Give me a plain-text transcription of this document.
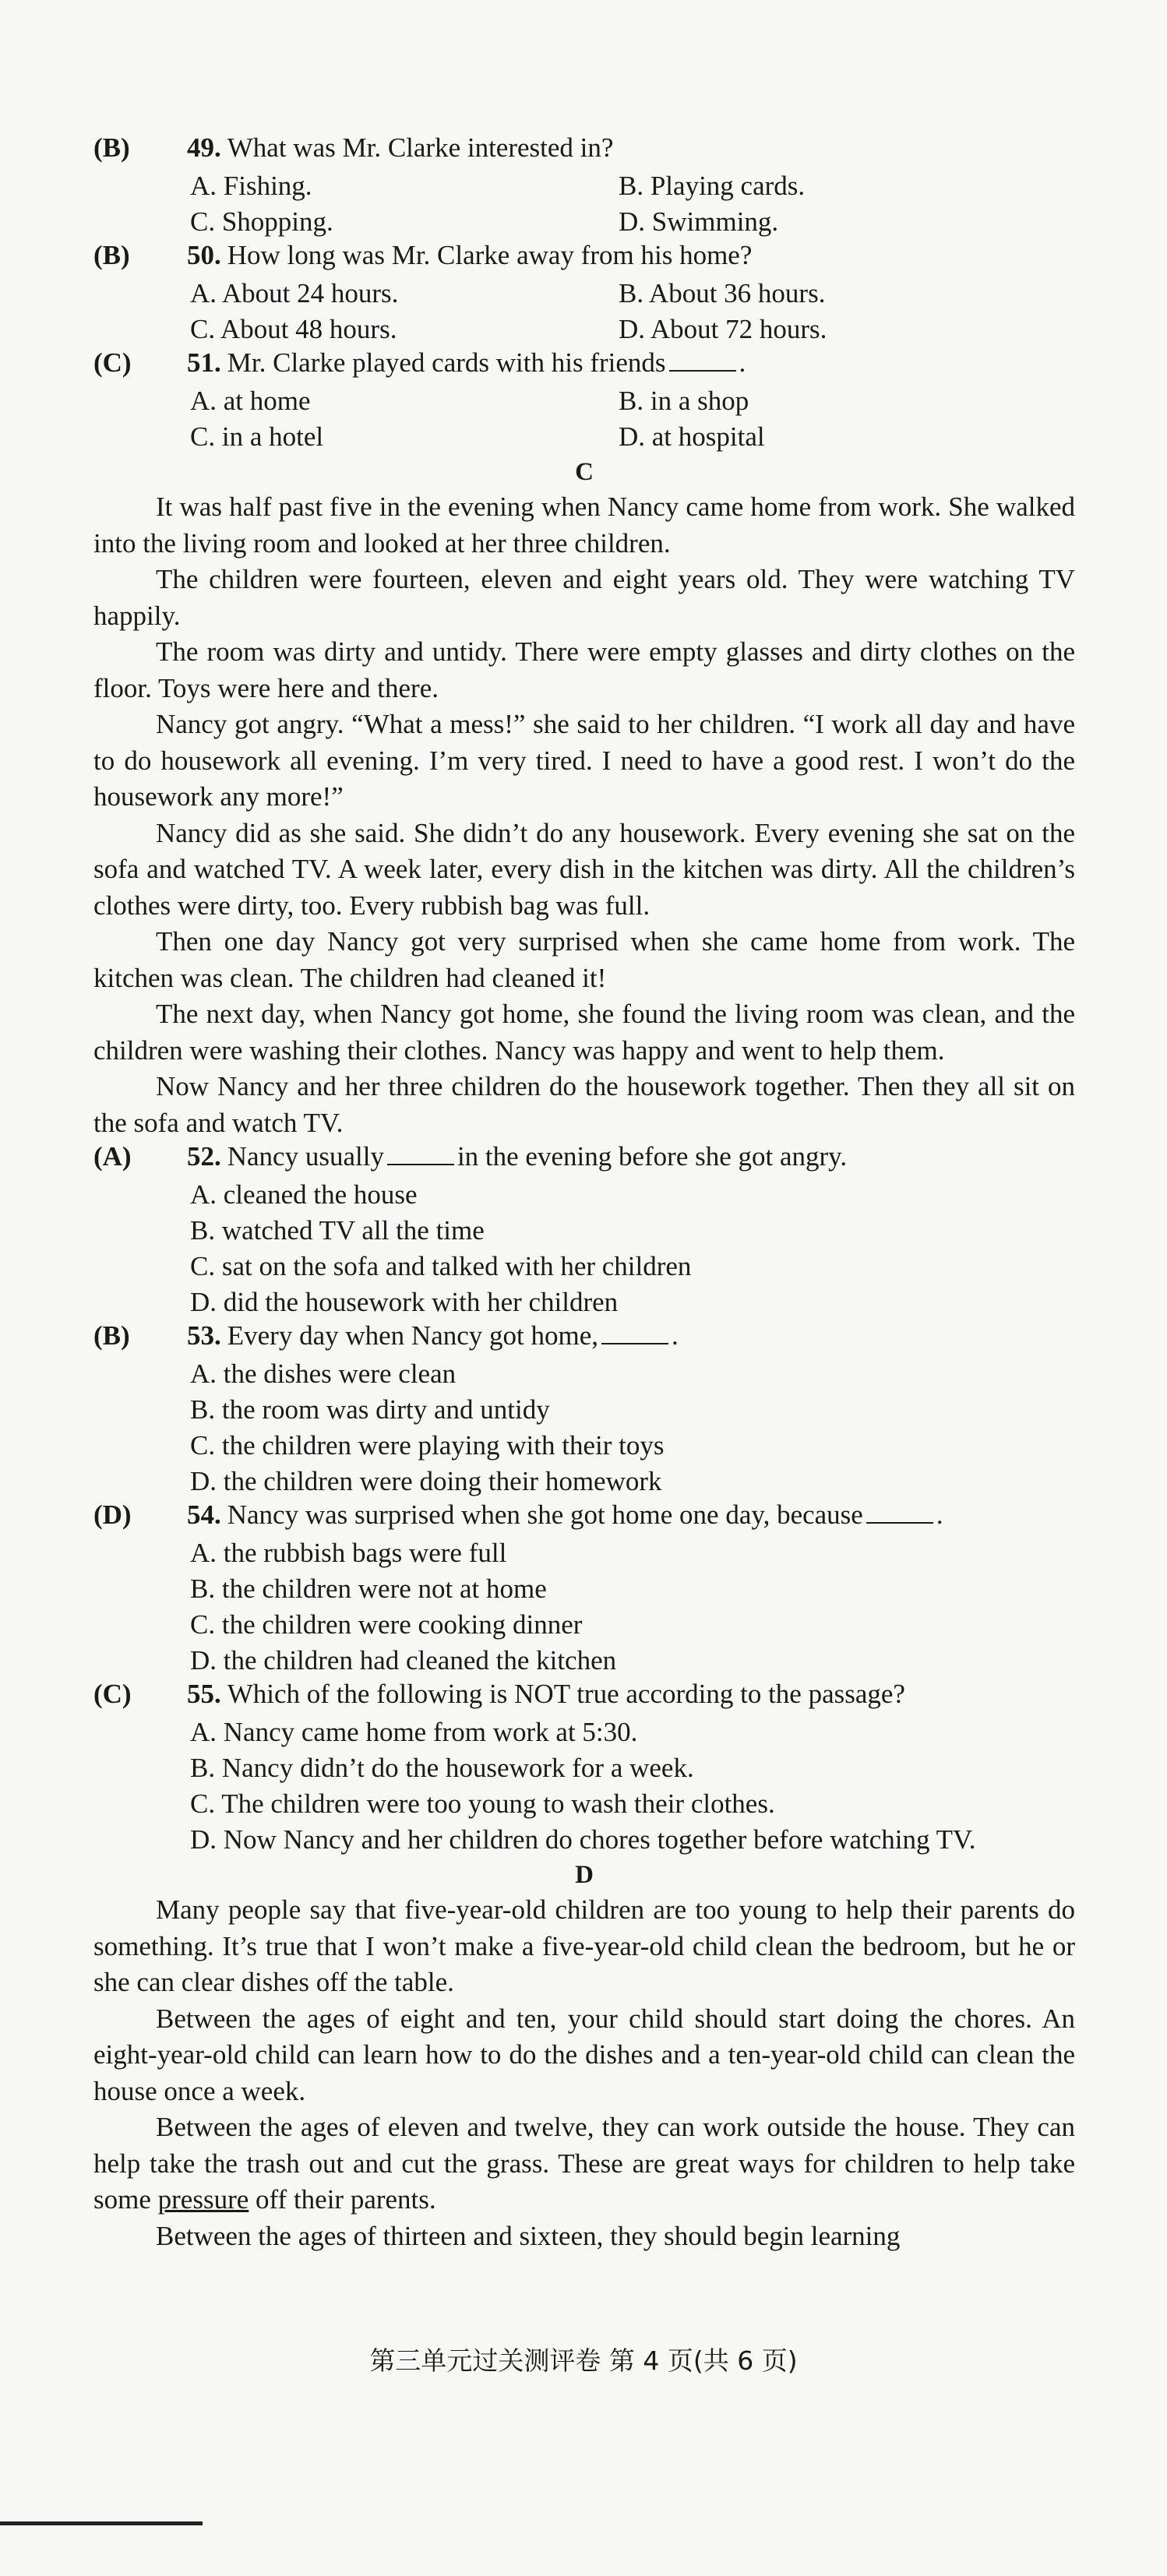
(B)	49. What was Mr. Clarke interested in?
A. Fishing.	B. Playing cards.
C. Shopping.	D. Swimming.
(B)	50. How long was Mr. Clarke away from his home?
A. About 24 hours.	B. About 36 hours.
C. About 48 hours.	D. About 72 hours.
(C)	51. Mr. Clarke played cards with his friends	.
A. at home	B. in a shop
C. in a hotel	D. at hospital
C

It was half past five in the evening when Nancy came home from work. She walked into the living room and looked at her three children.

The children were fourteen, eleven and eight years old. They were watching TV happily.

The room was dirty and untidy. There were empty glasses and dirty clothes on the floor. Toys were here and there.

Nancy got angry. “What a mess!” she said to her children. “I work all day and have to do housework all evening. I’m very tired. I need to have a good rest. I won’t do the housework any more!”

Nancy did as she said. She didn’t do any housework. Every evening she sat on the sofa and watched TV. A week later, every dish in the kitchen was dirty. All the children’s clothes were dirty, too. Every rubbish bag was full.

Then one day Nancy got very surprised when she came home from work. The kitchen was clean. The children had cleaned it!

The next day, when Nancy got home, she found the living room was clean, and the children were washing their clothes. Nancy was happy and went to help them.

Now Nancy and her three children do the housework together. Then they all sit on the sofa and watch TV.

(A)	52. Nancy usually	in the evening before she got angry.
A. cleaned the house
B. watched TV all the time
C. sat on the sofa and talked with her children
D. did the housework with her children
(B)	53. Every day when Nancy got home,	.
A. the dishes were clean
B. the room was dirty and untidy
C. the children were playing with their toys
D. the children were doing their homework
(D)	54. Nancy was surprised when she got home one day, because	.
A. the rubbish bags were full
B. the children were not at home
C. the children were cooking dinner
D. the children had cleaned the kitchen
(C)	55. Which of the following is NOT true according to the passage?
A. Nancy came home from work at 5:30.
B. Nancy didn’t do the housework for a week.
C. The children were too young to wash their clothes.
D. Now Nancy and her children do chores together before watching TV.
D

Many people say that five-year-old children are too young to help their parents do something. It’s true that I won’t make a five-year-old child clean the bedroom, but he or she can clear dishes off the table.

Between the ages of eight and ten, your child should start doing the chores. An eight-year-old child can learn how to do the dishes and a ten-year-old child can clean the house once a week.

Between the ages of eleven and twelve, they can work outside the house. They can help take the trash out and cut the grass. These are great ways for children to help take some pressure off their parents.

Between the ages of thirteen and sixteen, they should begin learning

第三单元过关测评卷 第 4 页(共 6 页)
